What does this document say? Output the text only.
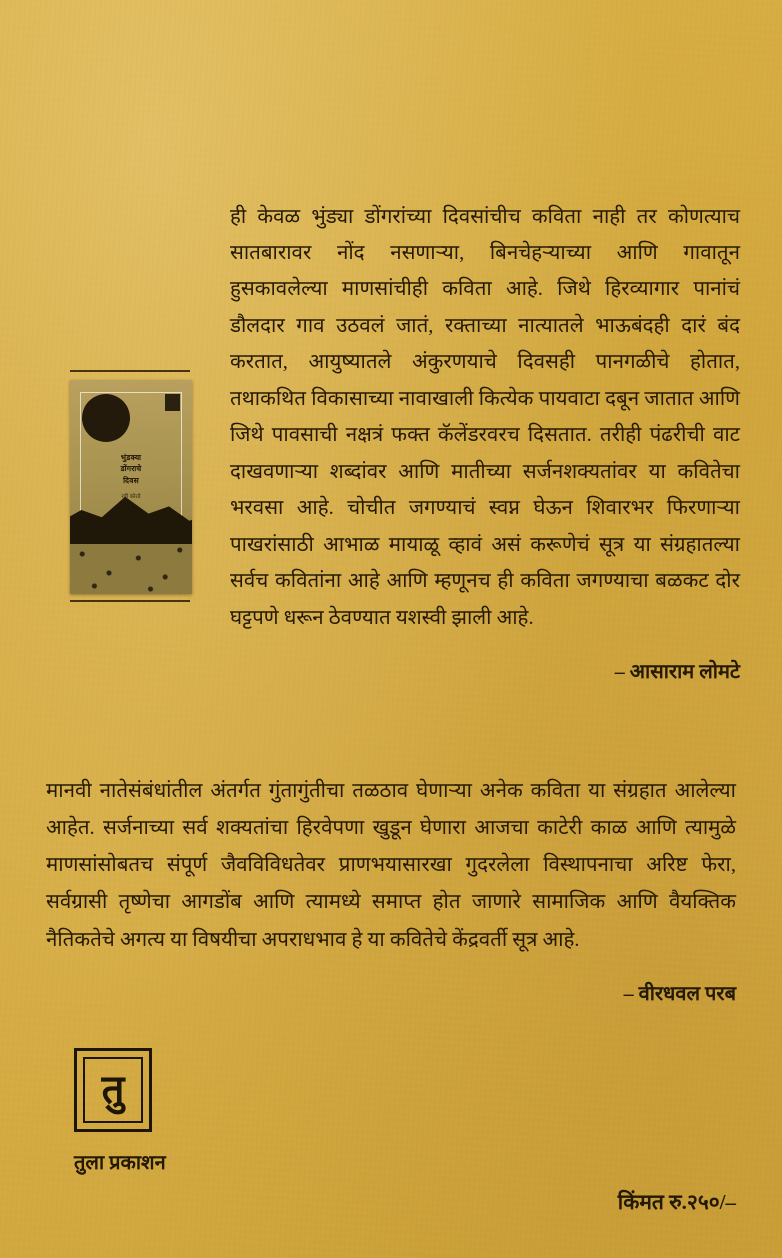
भुंडक्या
डोंगराचे
दिवस
रवी कोरडे

ही केवळ भुंड्या डोंगरांच्या दिवसांचीच कविता नाही तर कोणत्याच सातबारावर नोंद नसणाऱ्या, बिनचेहऱ्याच्या आणि गावातून हुसकावलेल्या माणसांचीही कविता आहे. जिथे हिरव्यागार पानांचं डौलदार गाव उठवलं जातं, रक्ताच्या नात्यातले भाऊबंदही दारं बंद करतात, आयुष्यातले अंकुरणयाचे दिवसही पानगळीचे होतात, तथाकथित विकासाच्या नावाखाली कित्येक पायवाटा दबून जातात आणि जिथे पावसाची नक्षत्रं फक्त कॅलेंडरवरच दिसतात. तरीही पंढरीची वाट दाखवणाऱ्या शब्दांवर आणि मातीच्या सर्जनशक्यतांवर या कवितेचा भरवसा आहे. चोचीत जगण्याचं स्वप्न घेऊन शिवारभर फिरणाऱ्या पाखरांसाठी आभाळ मायाळू व्हावं असं करूणेचं सूत्र या संग्रहातल्या सर्वच कवितांना आहे आणि म्हणूनच ही कविता जगण्याचा बळकट दोर घट्टपणे धरून ठेवण्यात यशस्वी झाली आहे.

– आसाराम लोमटे

मानवी नातेसंबंधांतील अंतर्गत गुंतागुंतीचा तळठाव घेणाऱ्या अनेक कविता या संग्रहात आलेल्या आहेत. सर्जनाच्या सर्व शक्यतांचा हिरवेपणा खुडून घेणारा आजचा काटेरी काळ आणि त्यामुळे माणसांसोबतच संपूर्ण जैवविविधतेवर प्राणभयासारखा गुदरलेला विस्थापनाचा अरिष्ट फेरा, सर्वग्रासी तृष्णेचा आगडोंब आणि त्यामध्ये समाप्त होत जाणारे सामाजिक आणि वैयक्तिक नैतिकतेचे अगत्य या विषयीचा अपराधभाव हे या कवितेचे केंद्रवर्ती सूत्र आहे.

– वीरधवल परब
तु
तुला प्रकाशन
किंमत रु.२५०/–
